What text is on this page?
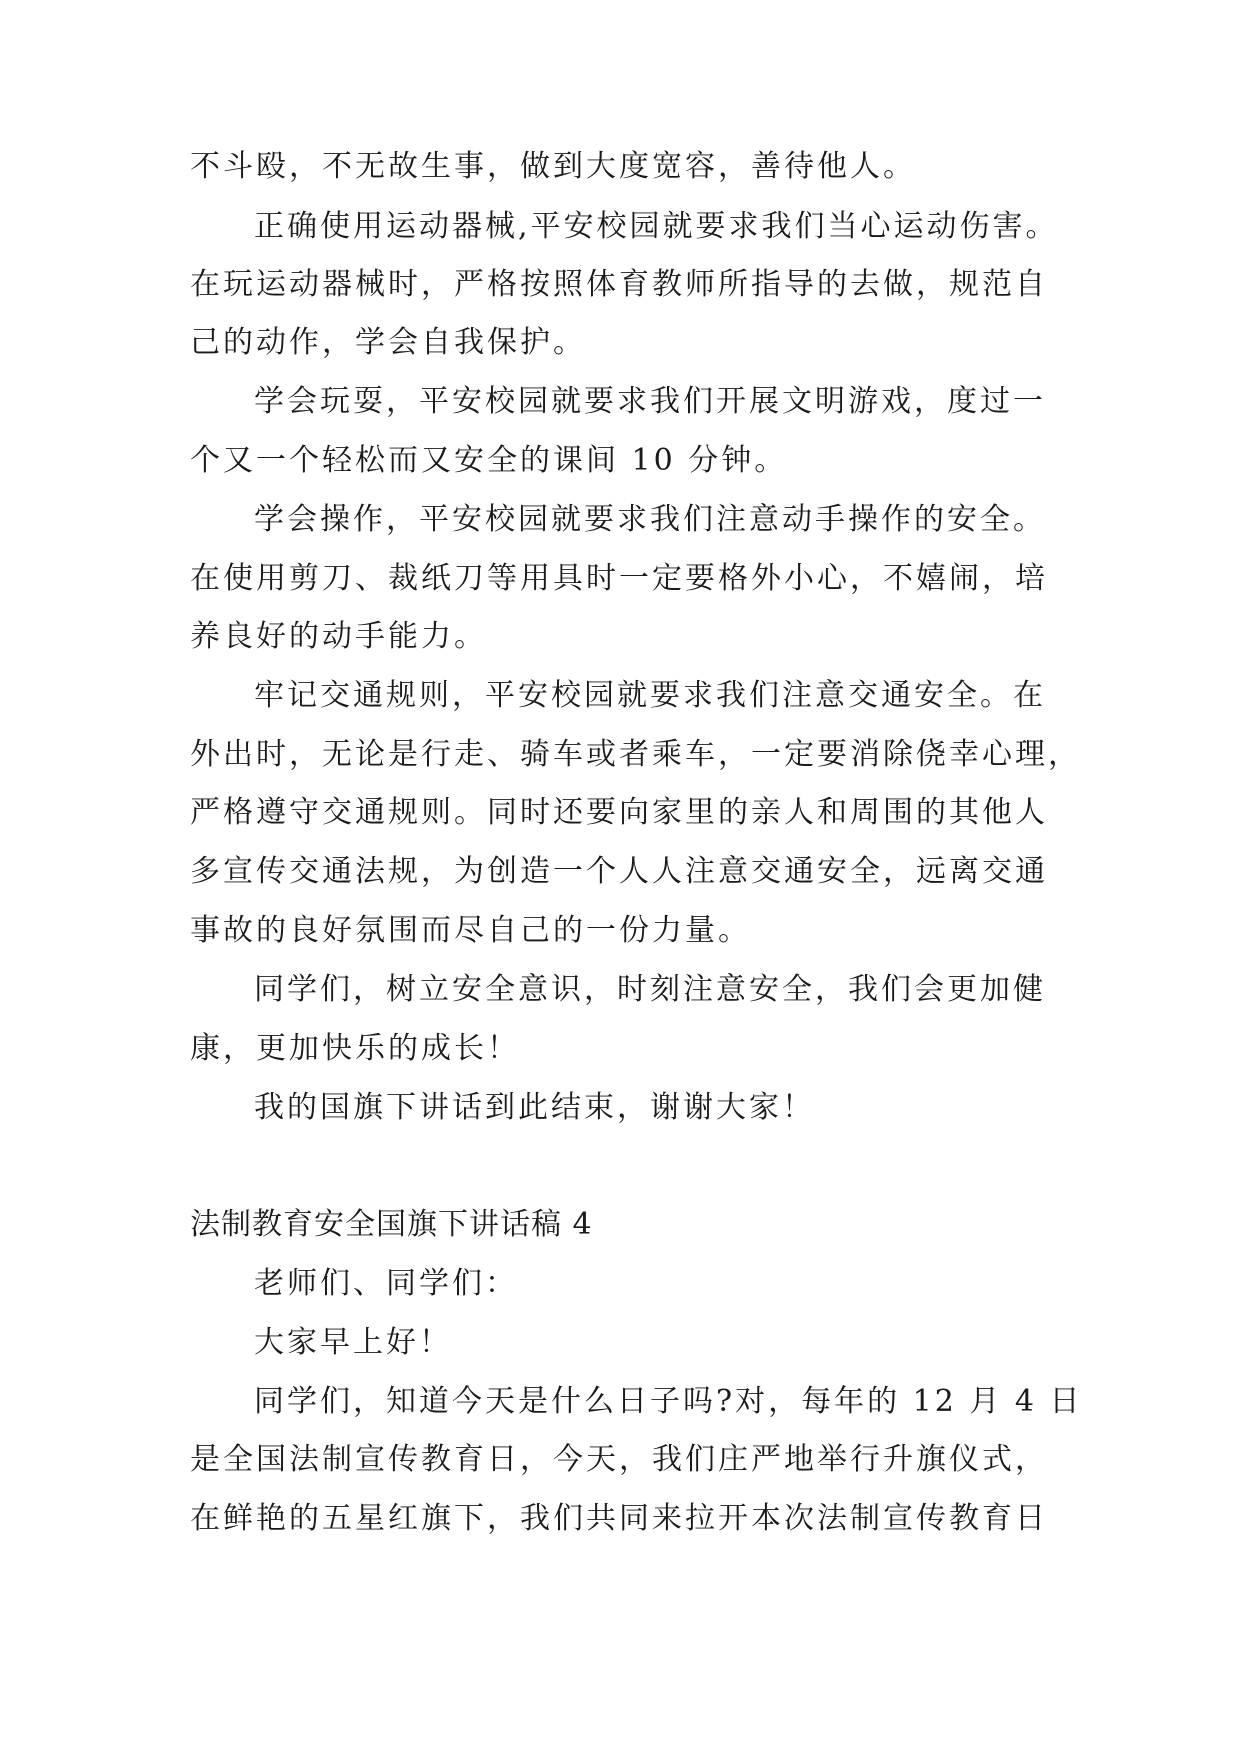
不斗殴，不无故生事，做到大度宽容，善待他人。
正确使用运动器械,平安校园就要求我们当心运动伤害。
在玩运动器械时，严格按照体育教师所指导的去做，规范自
己的动作，学会自我保护。
学会玩耍，平安校园就要求我们开展文明游戏，度过一
个又一个轻松而又安全的课间 10 分钟。
学会操作，平安校园就要求我们注意动手操作的安全。
在使用剪刀、裁纸刀等用具时一定要格外小心，不嬉闹，培
养良好的动手能力。
牢记交通规则，平安校园就要求我们注意交通安全。在
外出时，无论是行走、骑车或者乘车，一定要消除侥幸心理，
严格遵守交通规则。同时还要向家里的亲人和周围的其他人
多宣传交通法规，为创造一个人人注意交通安全，远离交通
事故的良好氛围而尽自己的一份力量。
同学们，树立安全意识，时刻注意安全，我们会更加健
康，更加快乐的成长！
我的国旗下讲话到此结束，谢谢大家！
法制教育安全国旗下讲话稿 4
老师们、同学们：
大家早上好！
同学们，知道今天是什么日子吗?对，每年的 12 月 4 日
是全国法制宣传教育日，今天，我们庄严地举行升旗仪式，
在鲜艳的五星红旗下，我们共同来拉开本次法制宣传教育日
